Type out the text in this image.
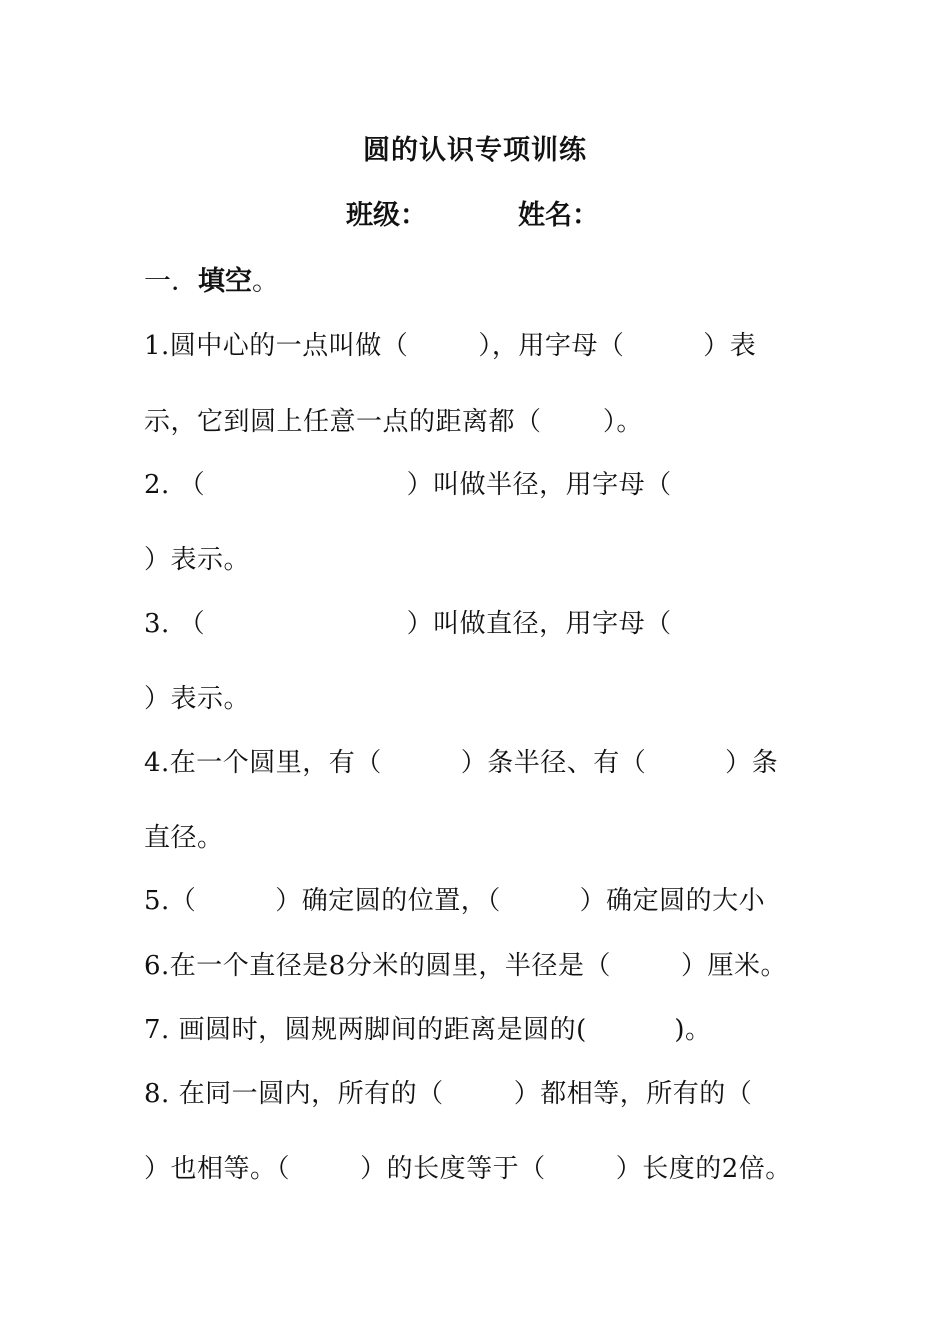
圆的认识专项训练
班级：	姓名：
一．填空。
1.圆中心的一点叫做（        ），用字母（         ）表
示，它到圆上任意一点的距离都（       ）。
2. （                       ）叫做半径，用字母（
）表示。
3. （                       ）叫做直径，用字母（
）表示。
4.在一个圆里，有（         ）条半径、有（         ）条
直径。
5.（         ）确定圆的位置，（         ）确定圆的大小
6.在一个直径是8分米的圆里，半径是（        ）厘米。
7. 画圆时，圆规两脚间的距离是圆的(          )。
8. 在同一圆内，所有的（        ）都相等，所有的（
）也相等。（        ）的长度等于（        ）长度的2倍。
